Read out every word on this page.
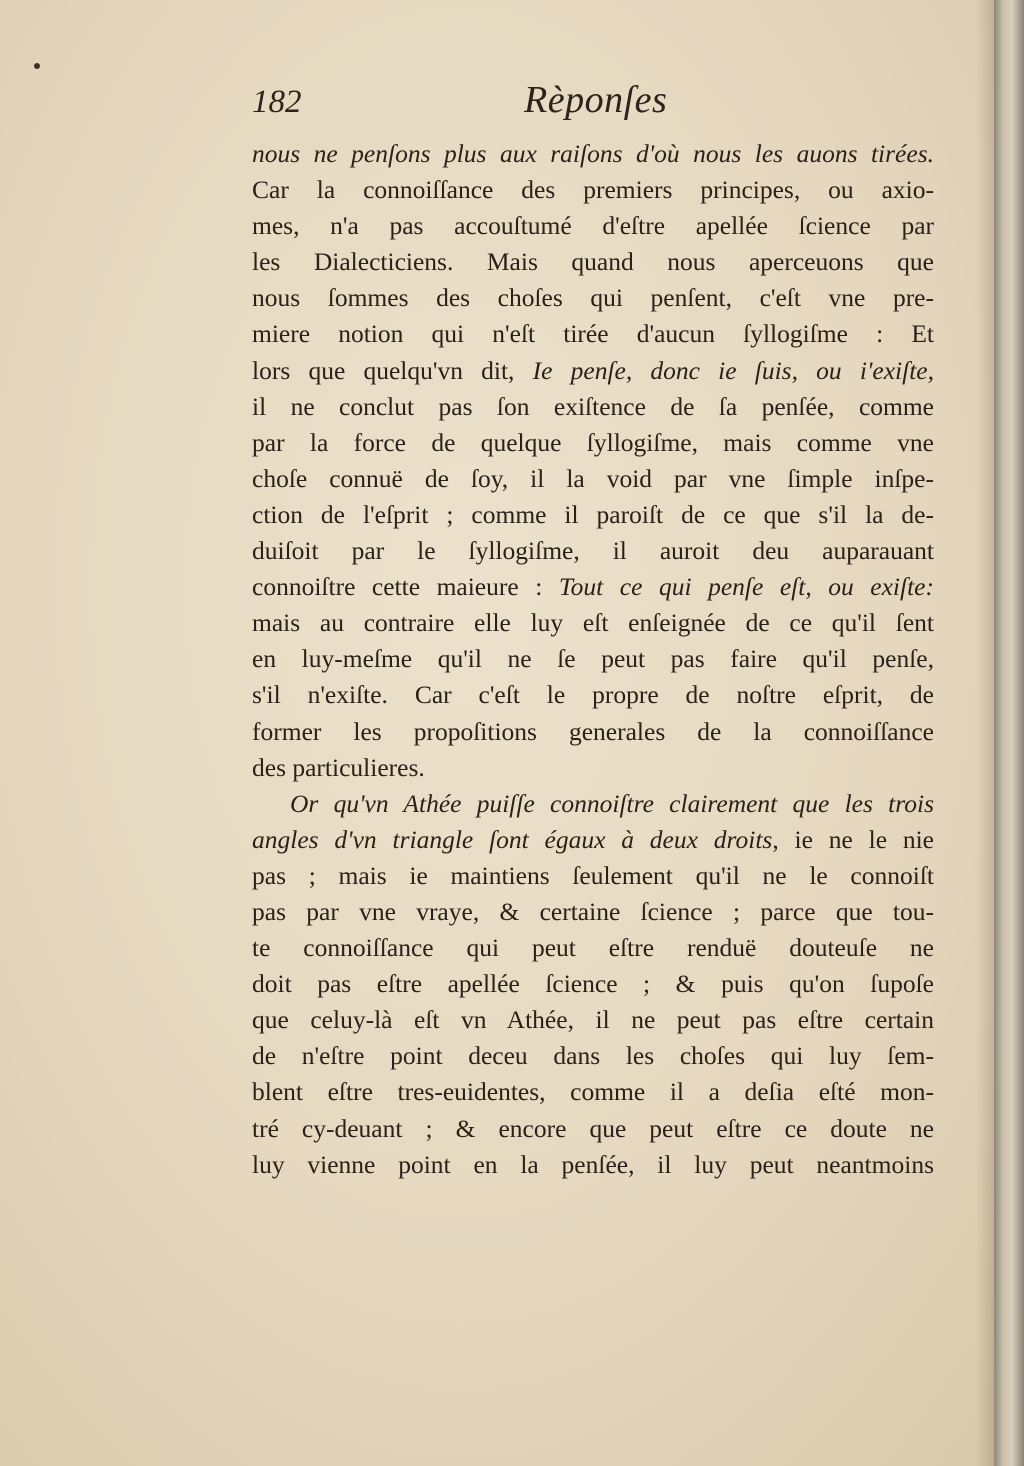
182	Rèponſes
nous ne penſons plus aux raiſons d'où nous les auons tirées.
Car la connoiſſance des premiers principes, ou axio-
mes, n'a pas accouſtumé d'eſtre apellée ſcience par
les Dialecticiens. Mais quand nous aperceuons que
nous ſommes des choſes qui penſent, c'eſt vne pre-
miere notion qui n'eſt tirée d'aucun ſyllogiſme : Et
lors que quelqu'vn dit, Ie penſe, donc ie ſuis, ou i'exiſte,
il ne conclut pas ſon exiſtence de ſa penſée, comme
par la force de quelque ſyllogiſme, mais comme vne
choſe connuë de ſoy, il la void par vne ſimple inſpe-
ction de l'eſprit ; comme il paroiſt de ce que s'il la de-
duiſoit par le ſyllogiſme, il auroit deu auparauant
connoiſtre cette maieure : Tout ce qui penſe eſt, ou exiſte:
mais au contraire elle luy eſt enſeignée de ce qu'il ſent
en luy-meſme qu'il ne ſe peut pas faire qu'il penſe,
s'il n'exiſte. Car c'eſt le propre de noſtre eſprit, de
former les propoſitions generales de la connoiſſance
des particulieres.
Or qu'vn Athée puiſſe connoiſtre clairement que les trois
angles d'vn triangle ſont égaux à deux droits, ie ne le nie
pas ; mais ie maintiens ſeulement qu'il ne le connoiſt
pas par vne vraye, & certaine ſcience ; parce que tou-
te connoiſſance qui peut eſtre renduë douteuſe ne
doit pas eſtre apellée ſcience ; & puis qu'on ſupoſe
que celuy-là eſt vn Athée, il ne peut pas eſtre certain
de n'eſtre point deceu dans les choſes qui luy ſem-
blent eſtre tres-euidentes, comme il a deſia eſté mon-
tré cy-deuant ; & encore que peut eſtre ce doute ne
luy vienne point en la penſée, il luy peut neantmoins
